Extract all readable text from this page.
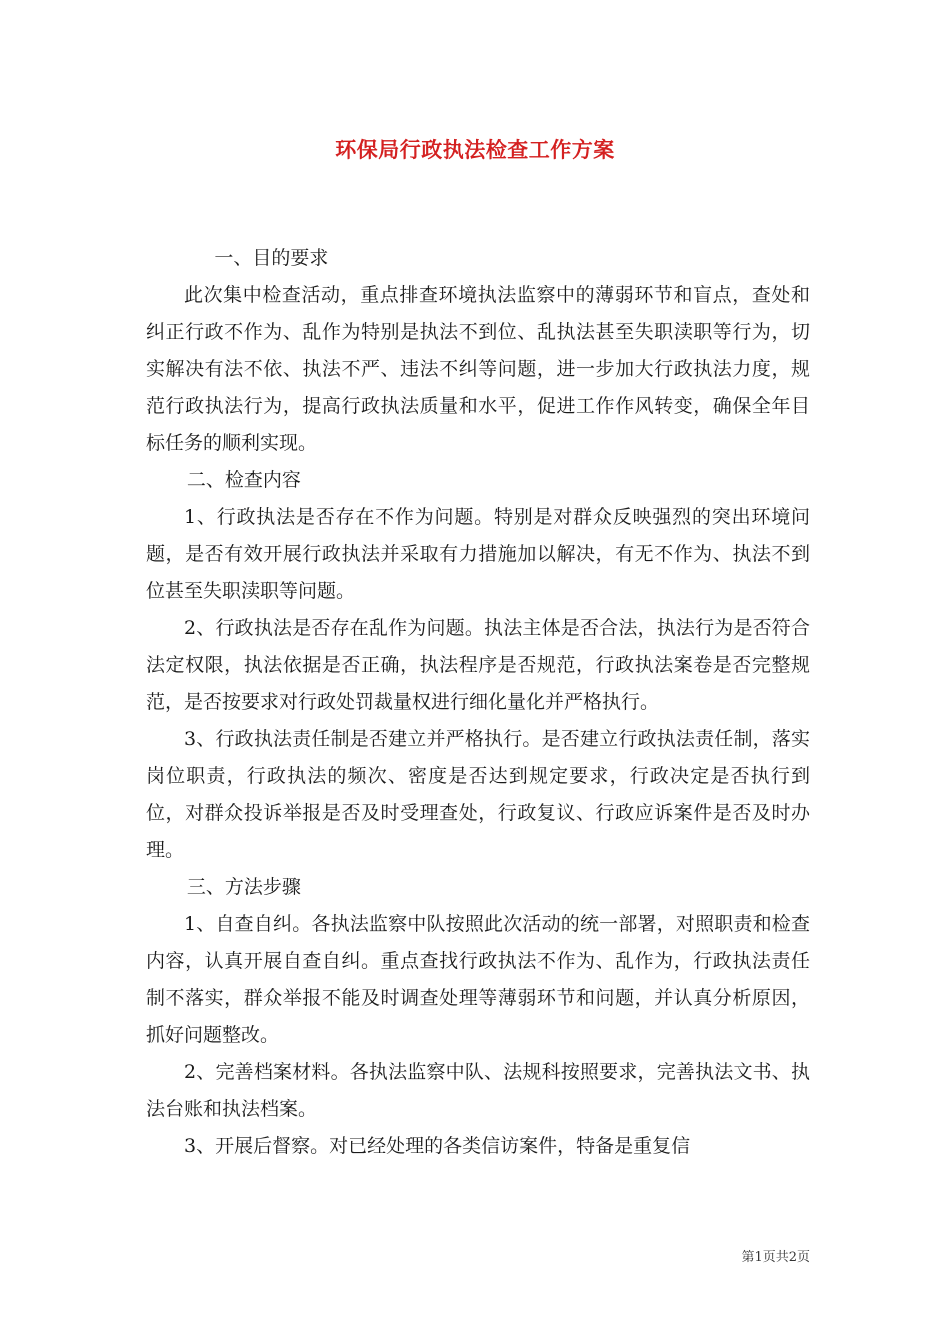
环保局行政执法检查工作方案

一、目的要求

此次集中检查活动，重点排查环境执法监察中的薄弱环节和盲点，查处和纠正行政不作为、乱作为特别是执法不到位、乱执法甚至失职渎职等行为，切实解决有法不依、执法不严、违法不纠等问题，进一步加大行政执法力度，规范行政执法行为，提高行政执法质量和水平，促进工作作风转变，确保全年目标任务的顺利实现。

二、检查内容

1、行政执法是否存在不作为问题。特别是对群众反映强烈的突出环境问题，是否有效开展行政执法并采取有力措施加以解决，有无不作为、执法不到位甚至失职渎职等问题。

2、行政执法是否存在乱作为问题。执法主体是否合法，执法行为是否符合法定权限，执法依据是否正确，执法程序是否规范，行政执法案卷是否完整规范，是否按要求对行政处罚裁量权进行细化量化并严格执行。

3、行政执法责任制是否建立并严格执行。是否建立行政执法责任制，落实岗位职责，行政执法的频次、密度是否达到规定要求，行政决定是否执行到位，对群众投诉举报是否及时受理查处，行政复议、行政应诉案件是否及时办理。

三、方法步骤

1、自查自纠。各执法监察中队按照此次活动的统一部署，对照职责和检查内容，认真开展自查自纠。重点查找行政执法不作为、乱作为，行政执法责任制不落实，群众举报不能及时调查处理等薄弱环节和问题，并认真分析原因，抓好问题整改。

2、完善档案材料。各执法监察中队、法规科按照要求，完善执法文书、执法台账和执法档案。

3、开展后督察。对已经处理的各类信访案件，特备是重复信

第1页共2页
